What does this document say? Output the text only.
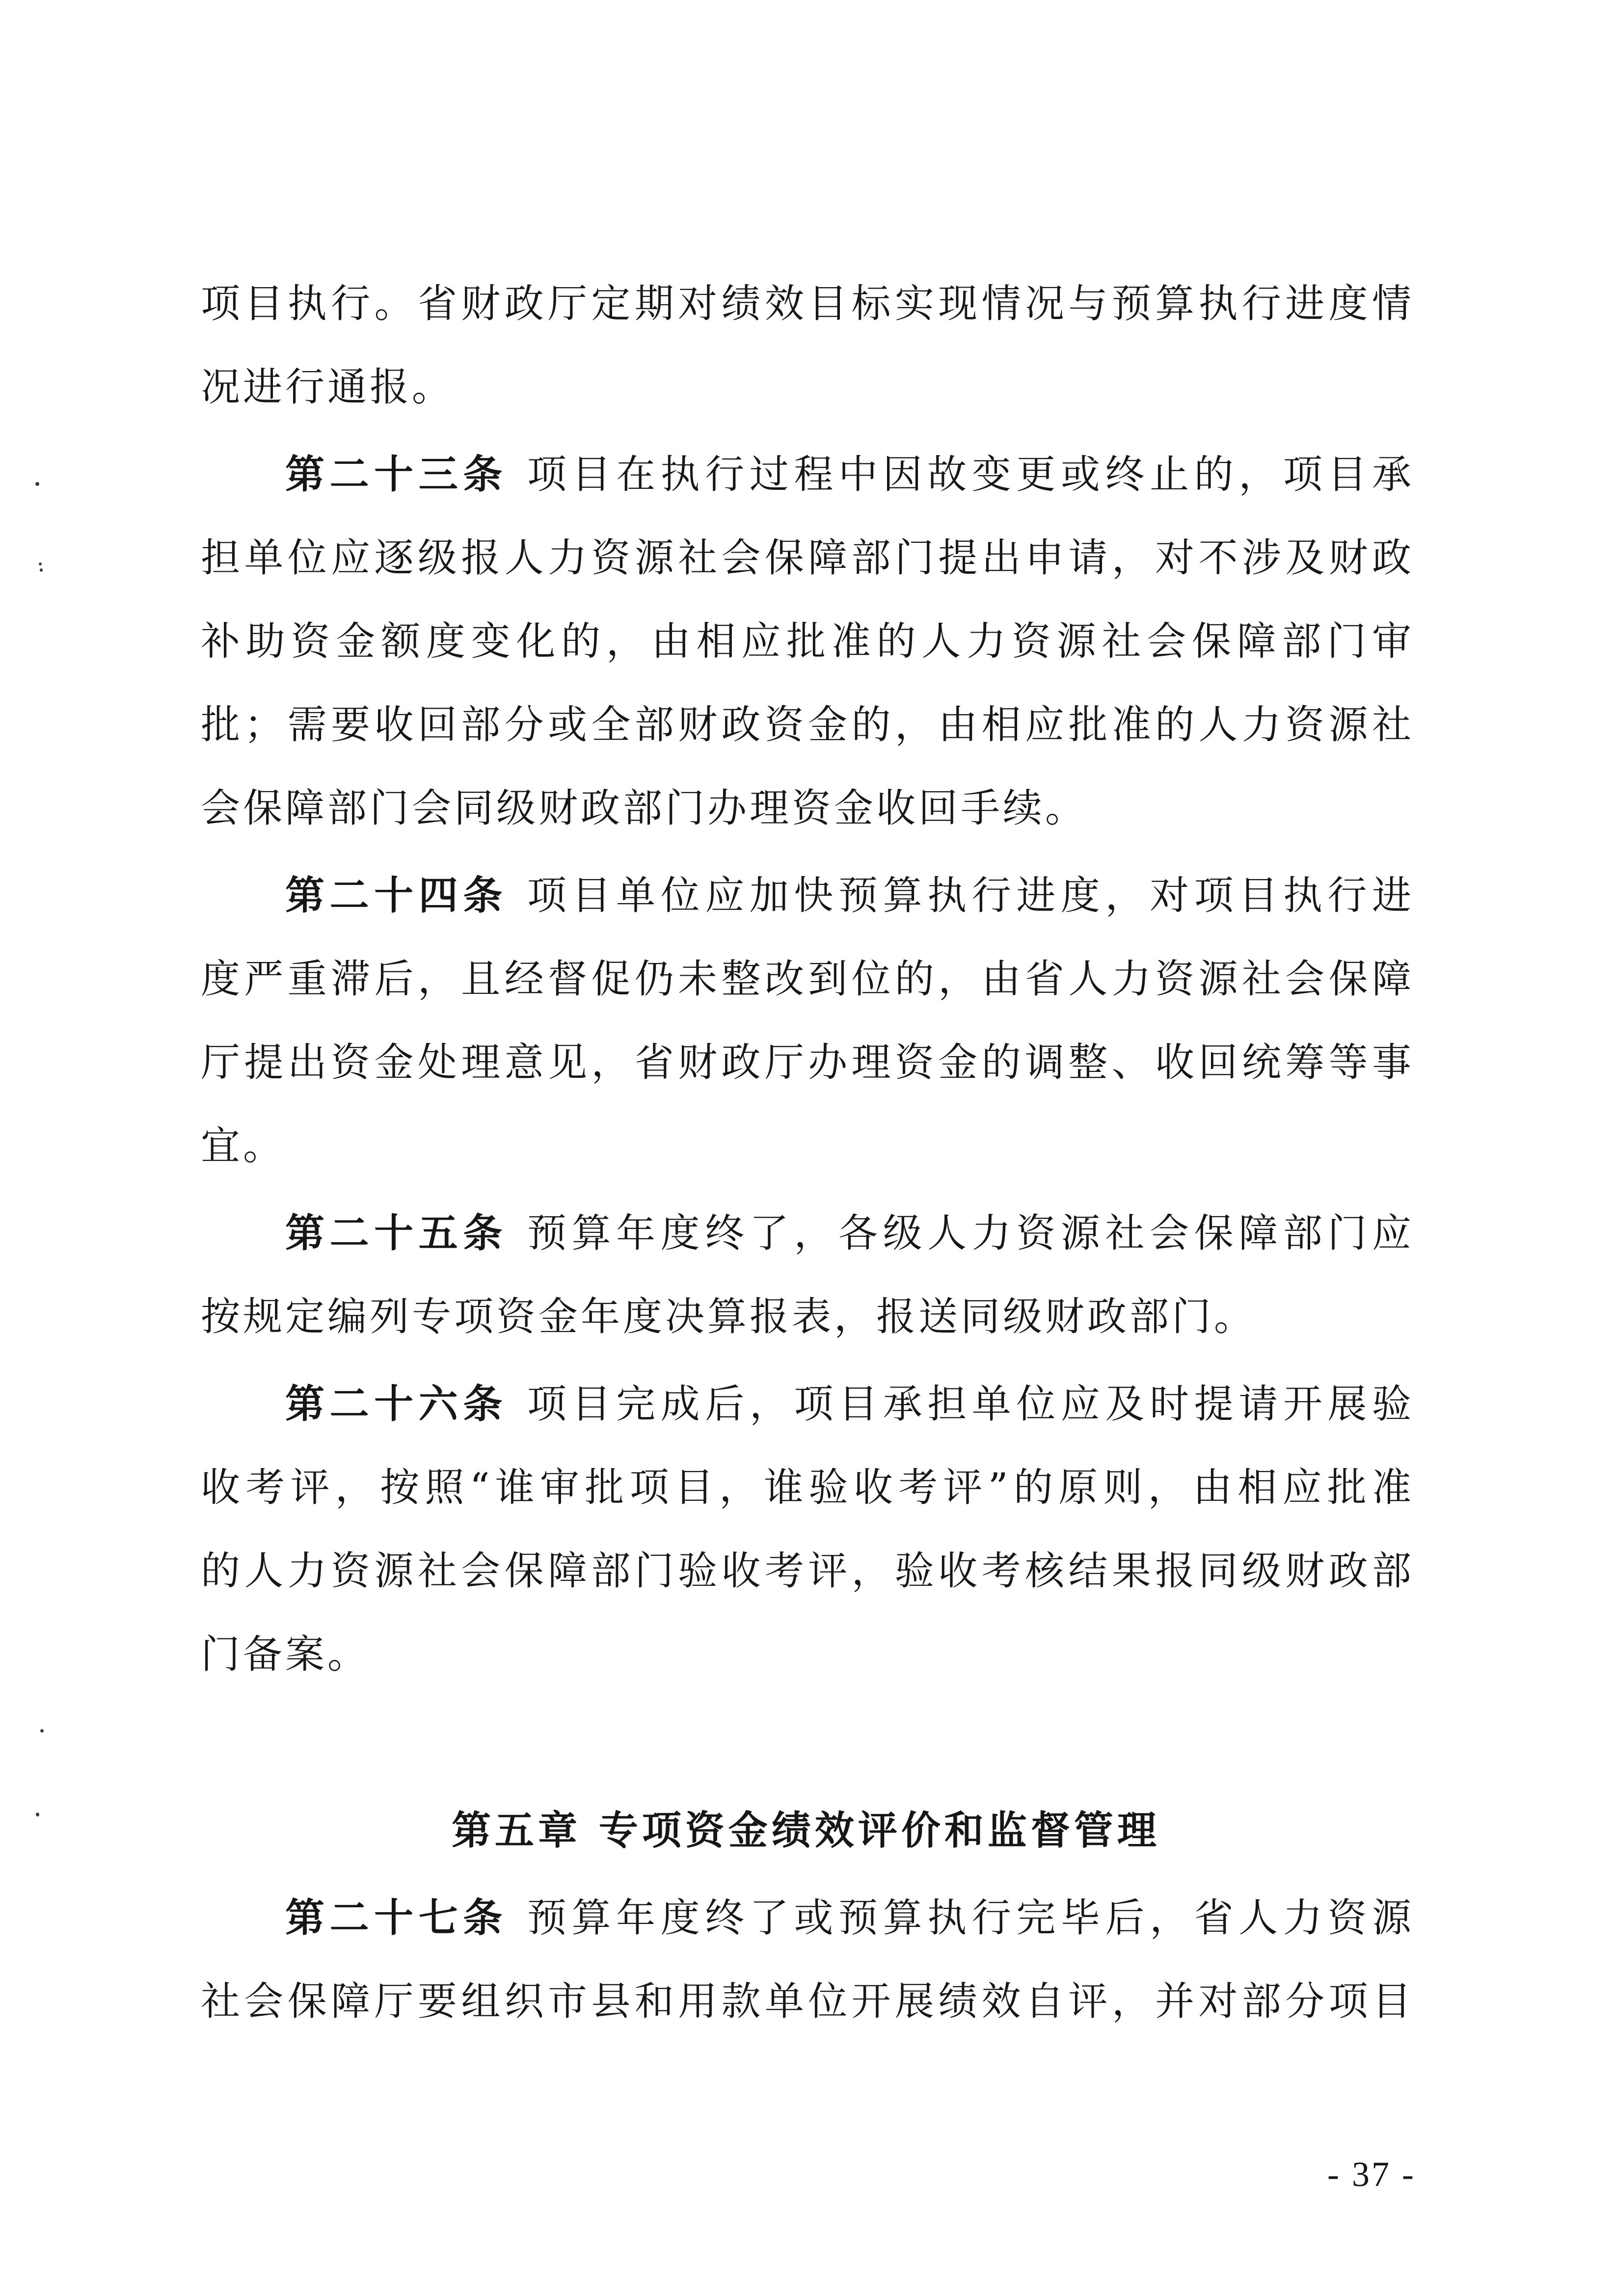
项目执行。省财政厅定期对绩效目标实现情况与预算执行进度情
况进行通报。
第二十三条 项目在执行过程中因故变更或终止的，项目承
担单位应逐级报人力资源社会保障部门提出申请，对不涉及财政
补助资金额度变化的，由相应批准的人力资源社会保障部门审
批；需要收回部分或全部财政资金的，由相应批准的人力资源社
会保障部门会同级财政部门办理资金收回手续。
第二十四条 项目单位应加快预算执行进度，对项目执行进
度严重滞后，且经督促仍未整改到位的，由省人力资源社会保障
厅提出资金处理意见，省财政厅办理资金的调整、收回统筹等事
宜。
第二十五条 预算年度终了，各级人力资源社会保障部门应
按规定编列专项资金年度决算报表，报送同级财政部门。
第二十六条 项目完成后，项目承担单位应及时提请开展验
收考评，按照“谁审批项目，谁验收考评”的原则，由相应批准
的人力资源社会保障部门验收考评，验收考核结果报同级财政部
门备案。
第五章 专项资金绩效评价和监督管理
第二十七条 预算年度终了或预算执行完毕后，省人力资源
社会保障厅要组织市县和用款单位开展绩效自评，并对部分项目
- 37 -
